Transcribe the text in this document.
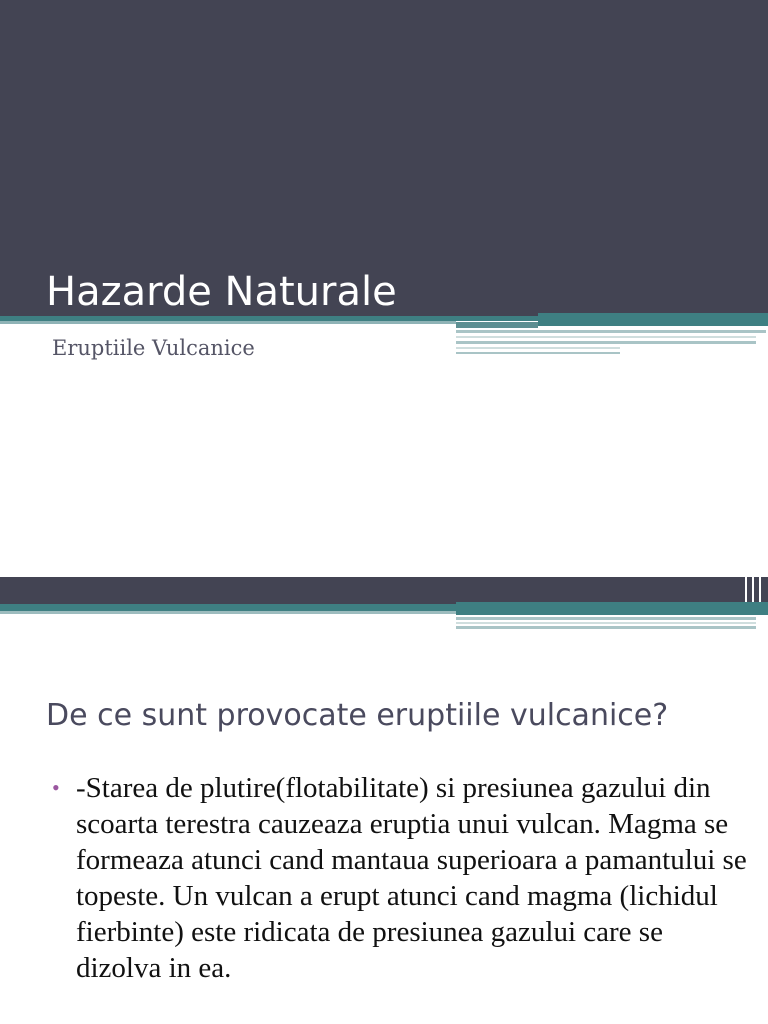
Hazarde Naturale
Eruptiile Vulcanice
De ce sunt provocate eruptiile vulcanice?
• -Starea de plutire(flotabilitate) si presiunea gazului din scoarta terestra cauzeaza eruptia unui vulcan. Magma se formeaza atunci cand mantaua superioara a pamantului se topeste. Un vulcan a erupt atunci cand magma (lichidul fierbinte) este ridicata de presiunea gazului care se dizolva in ea.
